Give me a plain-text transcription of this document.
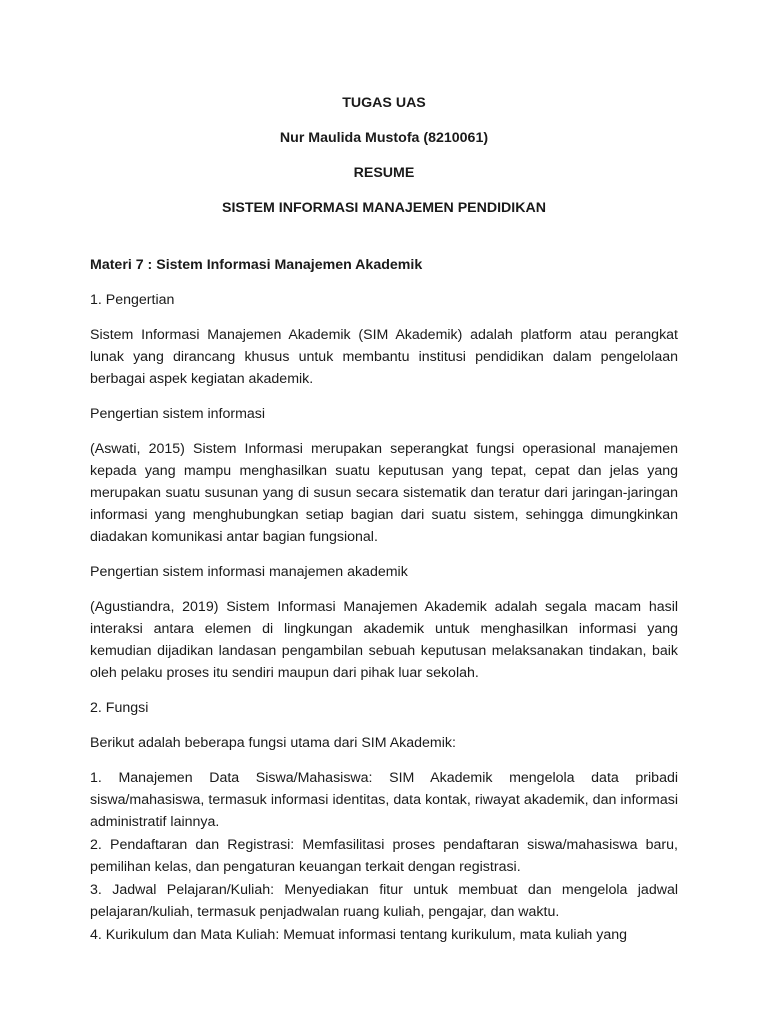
TUGAS UAS

Nur Maulida Mustofa (8210061)

RESUME

SISTEM INFORMASI MANAJEMEN PENDIDIKAN

Materi 7 : Sistem Informasi Manajemen Akademik

1. Pengertian

Sistem Informasi Manajemen Akademik (SIM Akademik) adalah platform atau perangkat lunak yang dirancang khusus untuk membantu institusi pendidikan dalam pengelolaan berbagai aspek kegiatan akademik.

Pengertian sistem informasi

(Aswati, 2015) Sistem Informasi merupakan seperangkat fungsi operasional manajemen kepada yang mampu menghasilkan suatu keputusan yang tepat, cepat dan jelas yang merupakan suatu susunan yang di susun secara sistematik dan teratur dari jaringan-jaringan informasi yang menghubungkan setiap bagian dari suatu sistem, sehingga dimungkinkan diadakan komunikasi antar bagian fungsional.

Pengertian sistem informasi manajemen akademik

(Agustiandra, 2019) Sistem Informasi Manajemen Akademik adalah segala macam hasil interaksi antara elemen di lingkungan akademik untuk menghasilkan informasi yang kemudian dijadikan landasan pengambilan sebuah keputusan melaksanakan tindakan, baik oleh pelaku proses itu sendiri maupun dari pihak luar sekolah.

2. Fungsi

Berikut adalah beberapa fungsi utama dari SIM Akademik:

1. Manajemen Data Siswa/Mahasiswa: SIM Akademik mengelola data pribadi siswa/mahasiswa, termasuk informasi identitas, data kontak, riwayat akademik, dan informasi administratif lainnya.

2. Pendaftaran dan Registrasi: Memfasilitasi proses pendaftaran siswa/mahasiswa baru, pemilihan kelas, dan pengaturan keuangan terkait dengan registrasi.

3. Jadwal Pelajaran/Kuliah: Menyediakan fitur untuk membuat dan mengelola jadwal pelajaran/kuliah, termasuk penjadwalan ruang kuliah, pengajar, dan waktu.

4. Kurikulum dan Mata Kuliah: Memuat informasi tentang kurikulum, mata kuliah yang
